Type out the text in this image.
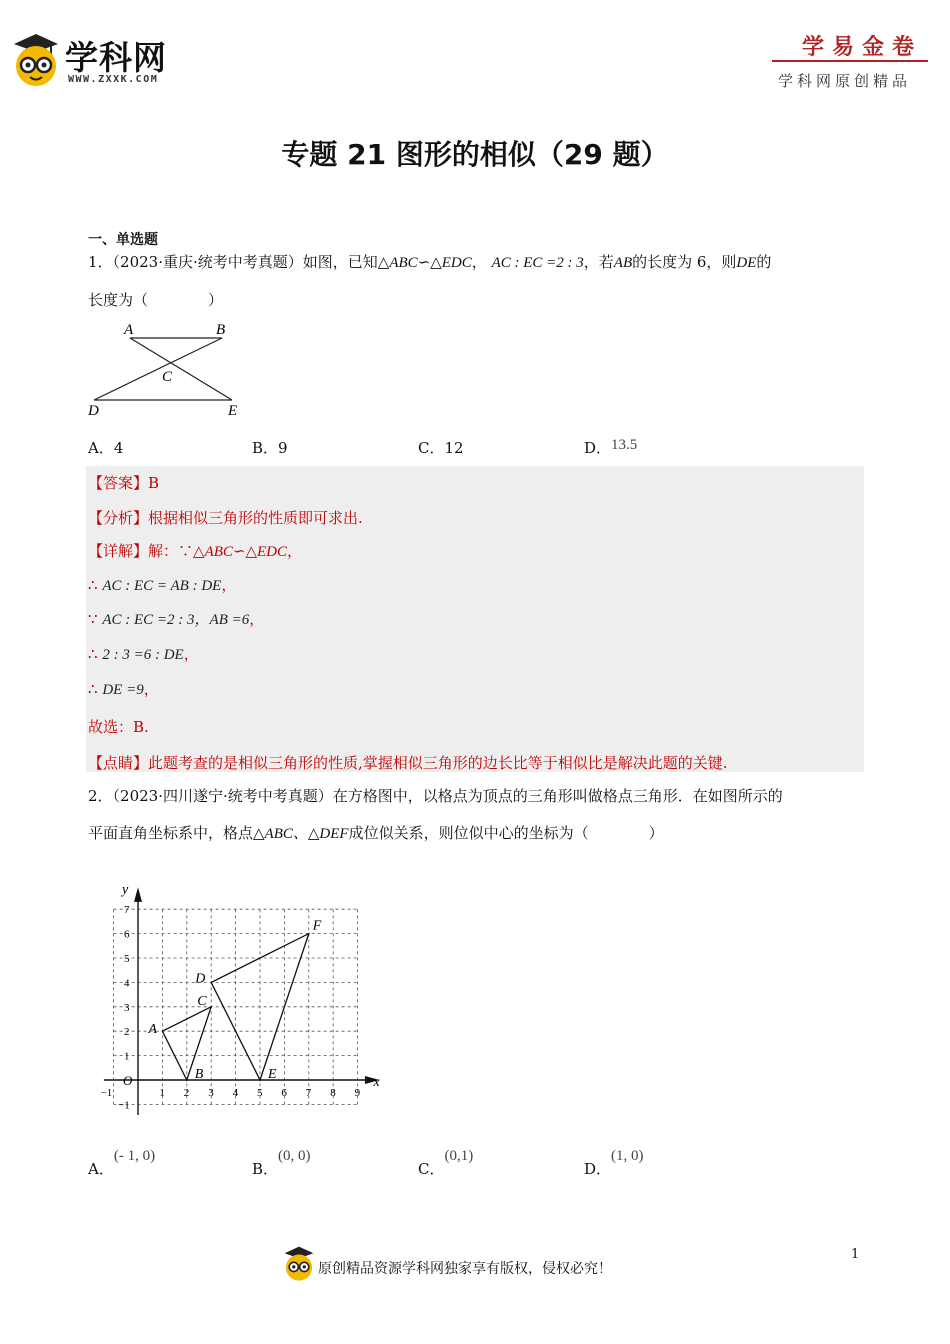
学科网
WWW.ZXXK.COM
学易金卷
学科网原创精品
专题 21 图形的相似（29 题）
一、单选题
1．（2023·重庆·统考中考真题）如图，已知△ABC∽△EDC， AC : EC =2 : 3，若AB的长度为 6，则DE的
长度为（　　　　）
A	B
C
D	E
A．4	B．9	C．12	D．13.5
【答案】B
【分析】根据相似三角形的性质即可求出.
【详解】解：∵△ABC∽△EDC，
∴ AC : EC = AB : DE，
∵ AC : EC =2 : 3，AB =6，
∴ 2 : 3 =6 : DE，
∴ DE =9，
故选：B.
【点睛】此题考查的是相似三角形的性质,掌握相似三角形的边长比等于相似比是解决此题的关键.
2．（2023·四川遂宁·统考中考真题）在方格图中，以格点为顶点的三角形叫做格点三角形．在如图所示的
平面直角坐标系中，格点△ABC、△DEF成位似关系，则位似中心的坐标为（　　　　）
x
y
O
−1	1 2 3 4 5 6 7 8 9
−1
1
2
3
4
5
6
7
A
B
C
D
E
F
A．(- 1, 0)
B．(0, 0)
C．(0,1)
D．(1, 0)
原创精品资源学科网独家享有版权，侵权必究！
1
